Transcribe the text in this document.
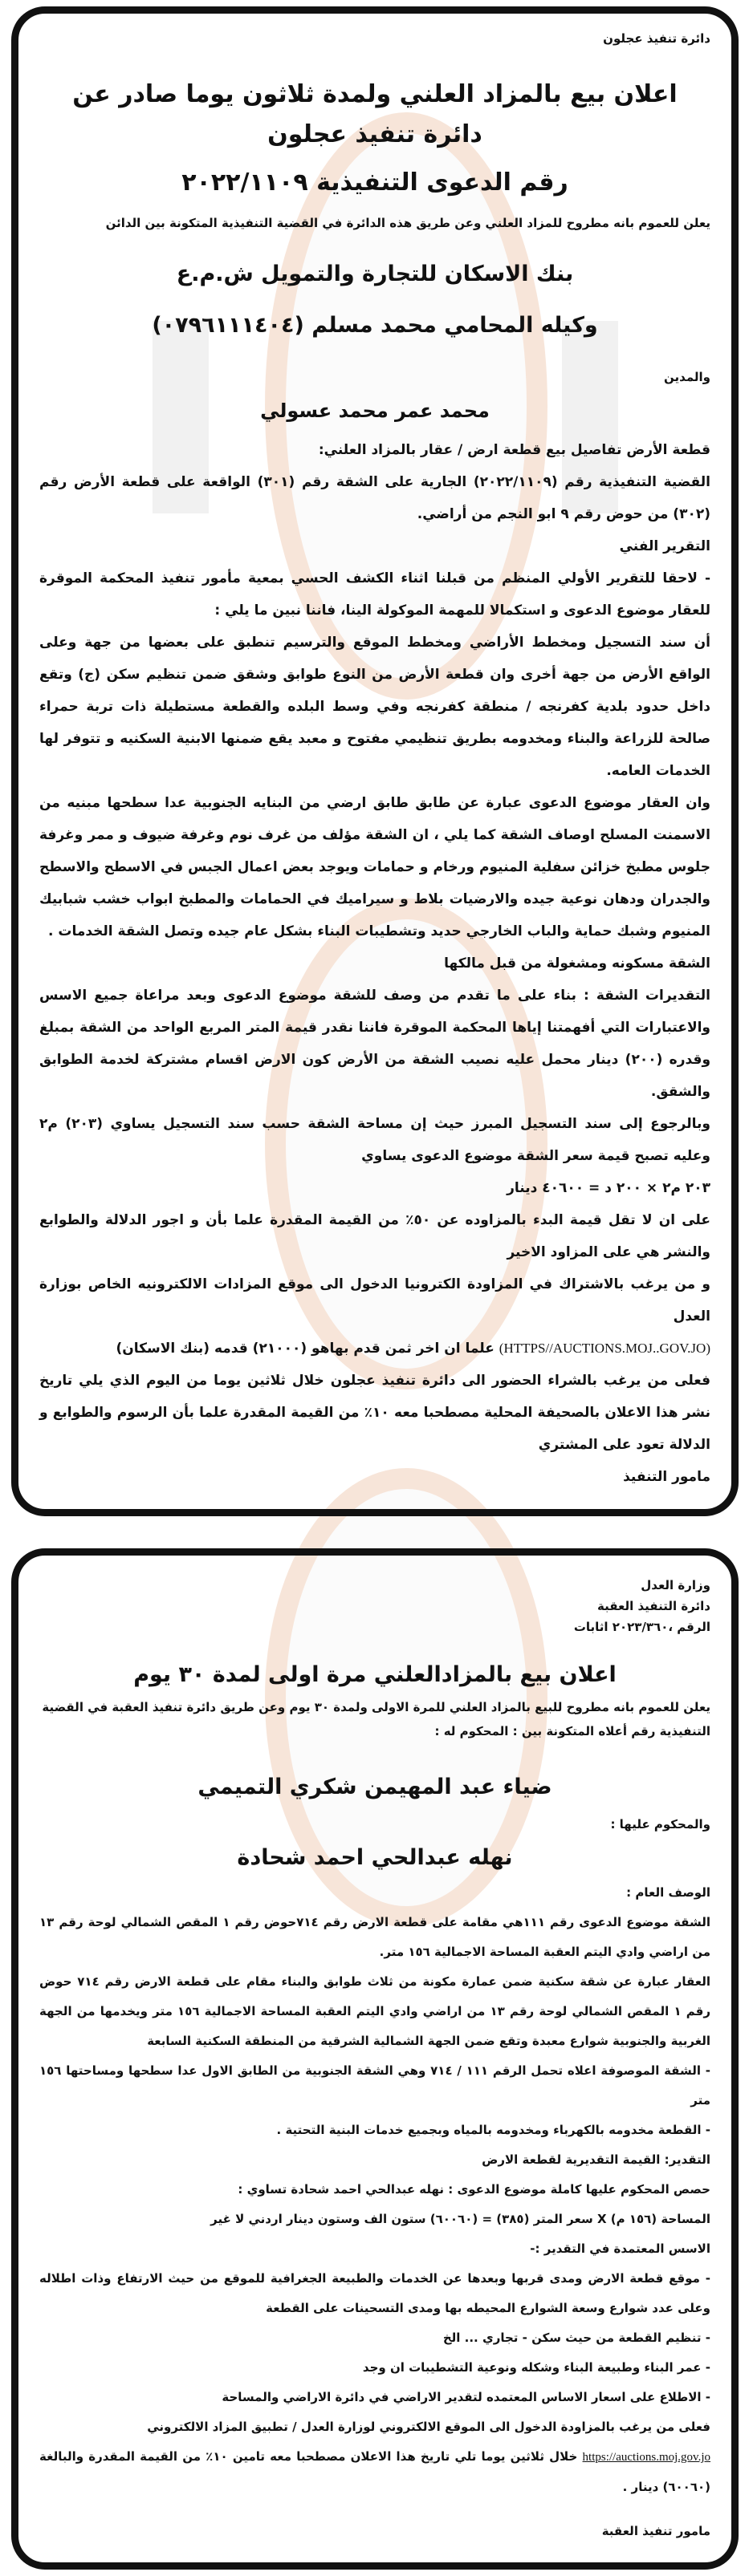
دائرة تنفيذ عجلون

اعلان بيع بالمزاد العلني ولمدة ثلاثون يوما صادر عن دائرة تنفيذ عجلون

رقم الدعوى التنفيذية ٢٠٢٢/١١٠٩

يعلن للعموم بانه مطروح للمزاد العلني وعن طريق هذه الدائرة في القضية التنفيذية المتكونة بين الدائن

بنك الاسكان للتجارة والتمويل ش.م.ع

وكيله المحامي محمد مسلم (٠٧٩٦١١١٤٠٤)

والمدين

محمد عمر محمد عسولي

قطعة الأرض تفاصيل بيع قطعة ارض / عقار بالمزاد العلني:

القضية التنفيذية رقم (٢٠٢٢/١١٠٩) الجارية على الشقة رقم (٣٠١) الواقعة على قطعة الأرض رقم (٣٠٢) من حوض رقم ٩ ابو النجم من أراضي.

التقرير الفني

- لاحقا للتقرير الأولي المنظم من قبلنا اثناء الكشف الحسي بمعية مأمور تنفيذ المحكمة الموقرة للعقار موضوع الدعوى و استكمالا للمهمة الموكولة الينا، فاننا نبين ما يلي :

أن سند التسجيل ومخطط الأراضي ومخطط الموقع والترسيم تنطبق على بعضها من جهة وعلى الواقع الأرض من جهة أخرى وان قطعة الأرض من النوع طوابق وشقق ضمن تنظيم سكن (ج) وتقع داخل حدود بلدية كفرنجه / منطقة كفرنجه وفي وسط البلده والقطعة مستطيلة ذات تربة حمراء صالحة للزراعة والبناء ومخدومه بطريق تنظيمي مفتوح و معبد يقع ضمنها الابنية السكنيه و تتوفر لها الخدمات العامه.

وان العقار موضوع الدعوى عبارة عن طابق طابق ارضي من البنايه الجنوبية عدا سطحها مبنيه من الاسمنت المسلح اوصاف الشقة كما يلي ، ان الشقة مؤلف من غرف نوم وغرفة ضيوف و ممر وغرفة جلوس مطبخ خزائن سفلية المنيوم ورخام و حمامات ويوجد بعض اعمال الجبس في الاسطح والاسطح والجدران ودهان نوعية جيده والارضيات بلاط و سيراميك في الحمامات والمطبخ ابواب خشب شبابيك المنيوم وشبك حماية والباب الخارجي حديد وتشطيبات البناء بشكل عام جيده وتصل الشقة الخدمات .

الشقة مسكونه ومشغولة من قبل مالكها

التقديرات الشقة : بناء على ما تقدم من وصف للشقة موضوع الدعوى وبعد مراعاة جميع الاسس والاعتبارات التي أفهمتنا إياها المحكمة الموقرة فاننا نقدر قيمة المتر المربع الواحد من الشقة بمبلغ وقدره (٢٠٠) دينار محمل عليه نصيب الشقة من الأرض كون الارض اقسام مشتركة لخدمة الطوابق والشقق.

وبالرجوع إلى سند التسجيل المبرز حيث إن مساحة الشقة حسب سند التسجيل يساوي (٢٠٣) م٢ وعليه تصبح قيمة سعر الشقة موضوع الدعوى يساوي

٢٠٣ م٢ × ٢٠٠ د = ٤٠٦٠٠ دينار

على ان لا تقل قيمة البدء بالمزاوده عن ٥٠٪ من القيمة المقدرة علما بأن و اجور الدلالة والطوابع والنشر هي على المزاود الاخير

و من يرغب بالاشتراك في المزاودة الكترونيا الدخول الى موقع المزادات الالكترونيه الخاص بوزارة العدل

(HTTPS//AUCTIONS.MOJ..GOV.JO) علما ان اخر ثمن قدم بهاهو (٢١٠٠٠) قدمه (بنك الاسكان)

فعلى من يرغب بالشراء الحضور الى دائرة تنفيذ عجلون خلال ثلاثين يوما من اليوم الذي يلي تاريخ نشر هذا الاعلان بالصحيفة المحلية مصطحبا معه ١٠٪ من القيمة المقدرة علما بأن الرسوم والطوابع و الدلالة تعود على المشتري

مامور التنفيذ

وزارة العدل

دائرة التنفيذ العقبة

الرقم ،٢٠٢٣/٣٦٠ اثابات

اعلان بيع بالمزادالعلني مرة اولى لمدة ٣٠ يوم

يعلن للعموم بانه مطروح للبيع بالمزاد العلني للمرة الاولى ولمدة ٣٠ يوم وعن طريق دائرة تنفيذ العقبة في القضية التنفيذية رقم أعلاه المتكونة بين : المحكوم له :

ضياء عبد المهيمن شكري التميمي

والمحكوم عليها :

نهله عبدالحي احمد شحادة

الوصف العام :

الشقة موضوع الدعوى رقم ١١١هي مقامة على قطعة الارض رقم ٧١٤حوض رقم ١ المقص الشمالي لوحة رقم ١٣ من اراضي وادي اليتم العقبة المساحة الاجمالية ١٥٦ متر.

العقار عبارة عن شقة سكنية ضمن عمارة مكونة من ثلاث طوابق والبناء مقام على قطعة الارض رقم ٧١٤ حوض رقم ١ المقص الشمالي لوحة رقم ١٣ من اراضي وادي اليتم العقبة المساحة الاجمالية ١٥٦ متر ويخدمها من الجهة الغربية والجنوبية شوارع معبدة وتقع ضمن الجهة الشمالية الشرقية من المنطقة السكنية السابعة

- الشقة الموصوفة اعلاه تحمل الرقم ١١١ / ٧١٤ وهي الشقة الجنوبية من الطابق الاول عدا سطحها ومساحتها ١٥٦ متر

- القطعة مخدومه بالكهرباء ومخدومه بالمياه وبجميع خدمات البنية التحتية .

التقدير: القيمة التقديرية لقطعة الارض

حصص المحكوم عليها كاملة موضوع الدعوى : نهله عبدالحي احمد شحادة تساوي :

المساحة (١٥٦ م) X سعر المتر (٣٨٥) = (٦٠٠٦٠) ستون الف وستون دينار اردني لا غير

الاسس المعتمدة في التقدير :-

- موقع قطعة الارض ومدى قربها وبعدها عن الخدمات والطبيعة الجغرافية للموقع من حيث الارتفاع وذات اطلاله وعلى عدد شوارع وسعة الشوارع المحيطه بها ومدى التسحينات على القطعة

- تنظيم القطعة من حيث سكن - تجاري ... الخ

- عمر البناء وطبيعة البناء وشكله ونوعية التشطيبات ان وجد

- الاطلاع على اسعار الاساس المعتمده لتقدير الاراضي في دائرة الاراضي والمساحة

فعلى من يرغب بالمزاودة الدخول الى الموقع الالكتروني لوزارة العدل / تطبيق المزاد الالكتروني

https://auctions.moj.gov.jo خلال ثلاثين يوما تلي تاريخ هذا الاعلان مصطحبا معه تامين ١٠٪ من القيمة المقدرة والبالغة (٦٠٠٦٠) دينار .

مامور تنفيذ العقبة
